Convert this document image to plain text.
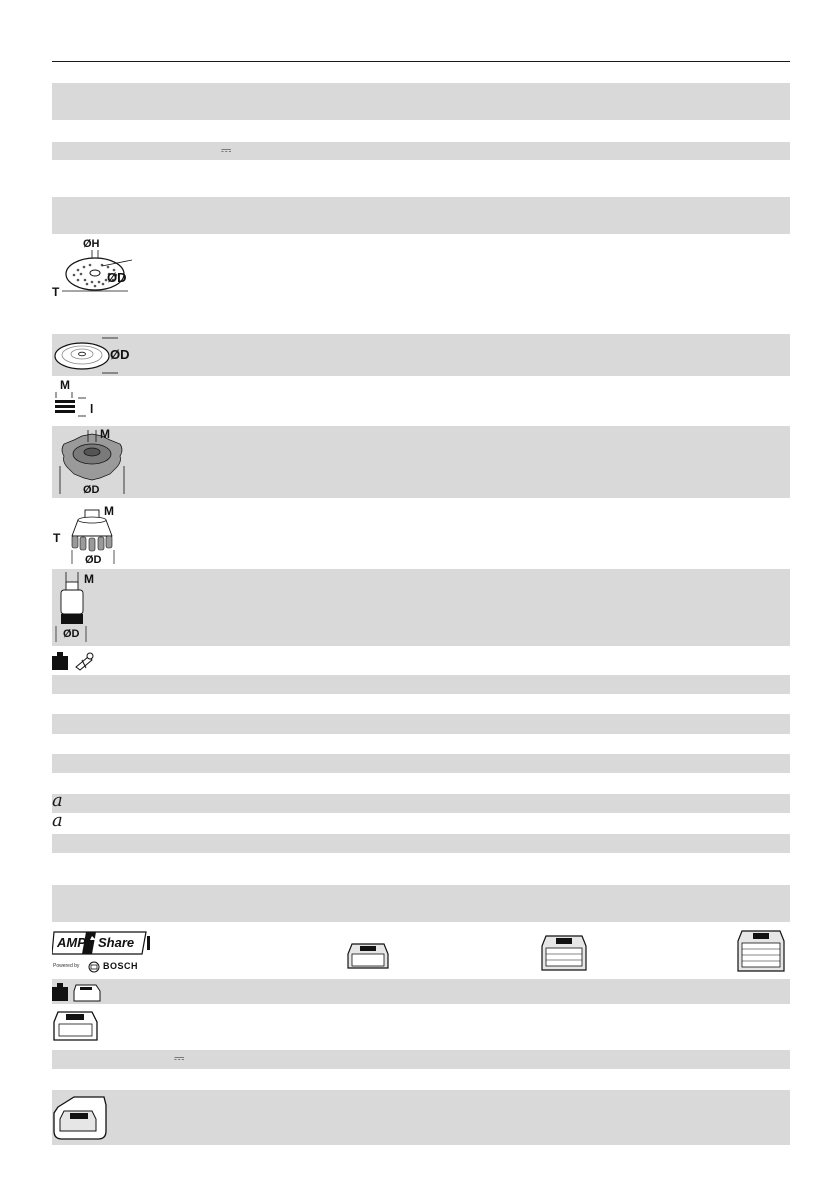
⎓
⎓
ØH
ØD
T
ØD
M
l
M
ØD
M
T
ØD
M
ØD
a
a
AMP Share
Powered by	BOSCH
